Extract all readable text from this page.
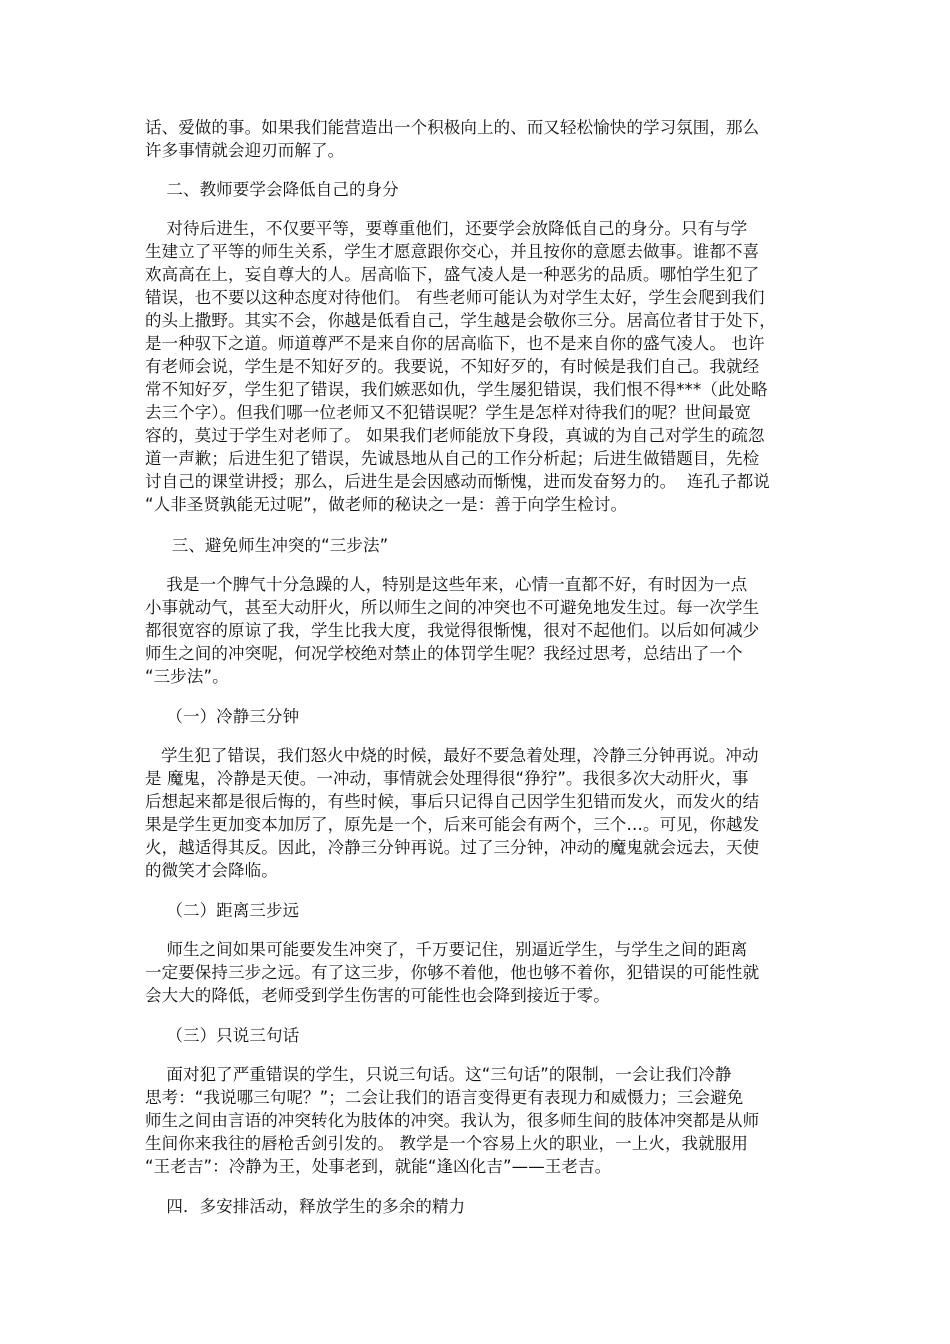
话、爱做的事。如果我们能营造出一个积极向上的、而又轻松愉快的学习氛围，那么
许多事情就会迎刃而解了。
二、教师要学会降低自己的身分
对待后进生，不仅要平等，要尊重他们，还要学会放降低自己的身分。只有与学
生建立了平等的师生关系，学生才愿意跟你交心，并且按你的意愿去做事。谁都不喜
欢高高在上，妄自尊大的人。居高临下，盛气凌人是一种恶劣的品质。哪怕学生犯了
错误，也不要以这种态度对待他们。 有些老师可能认为对学生太好，学生会爬到我们
的头上撒野。其实不会，你越是低看自己，学生越是会敬你三分。居高位者甘于处下，
是一种驭下之道。师道尊严不是来自你的居高临下，也不是来自你的盛气凌人。 也许
有老师会说，学生是不知好歹的。我要说，不知好歹的，有时候是我们自己。我就经
常不知好歹，学生犯了错误，我们嫉恶如仇，学生屡犯错误，我们恨不得***（此处略
去三个字）。但我们哪一位老师又不犯错误呢？学生是怎样对待我们的呢？世间最宽
容的，莫过于学生对老师了。 如果我们老师能放下身段，真诚的为自己对学生的疏忽
道一声歉；后进生犯了错误，先诚恳地从自己的工作分析起；后进生做错题目，先检
讨自己的课堂讲授；那么，后进生是会因感动而惭愧，进而发奋努力的。  连孔子都说
“人非圣贤孰能无过呢”，做老师的秘诀之一是：善于向学生检讨。
三、避免师生冲突的“三步法”
我是一个脾气十分急躁的人，特别是这些年来，心情一直都不好，有时因为一点
小事就动气，甚至大动肝火，所以师生之间的冲突也不可避免地发生过。每一次学生
都很宽容的原谅了我，学生比我大度，我觉得很惭愧，很对不起他们。以后如何减少
师生之间的冲突呢，何况学校绝对禁止的体罚学生呢？我经过思考，总结出了一个
“三步法”。
（一）冷静三分钟
学生犯了错误，我们怒火中烧的时候，最好不要急着处理，冷静三分钟再说。冲动
是 魔鬼，冷静是天使。一冲动，事情就会处理得很“狰狞”。我很多次大动肝火，事
后想起来都是很后悔的，有些时候，事后只记得自己因学生犯错而发火，而发火的结
果是学生更加变本加厉了，原先是一个，后来可能会有两个，三个…。可见，你越发
火，越适得其反。因此，冷静三分钟再说。过了三分钟，冲动的魔鬼就会远去，天使
的微笑才会降临。
（二）距离三步远
师生之间如果可能要发生冲突了，千万要记住，别逼近学生，与学生之间的距离
一定要保持三步之远。有了这三步，你够不着他，他也够不着你，犯错误的可能性就
会大大的降低，老师受到学生伤害的可能性也会降到接近于零。
（三）只说三句话
面对犯了严重错误的学生，只说三句话。这“三句话”的限制，一会让我们冷静
思考：“我说哪三句呢？”；二会让我们的语言变得更有表现力和威慑力；三会避免
师生之间由言语的冲突转化为肢体的冲突。我认为，很多师生间的肢体冲突都是从师
生间你来我往的唇枪舌剑引发的。 教学是一个容易上火的职业，一上火，我就服用
“王老吉”：冷静为王，处事老到，就能“逢凶化吉”——王老吉。
四．多安排活动，释放学生的多余的精力
